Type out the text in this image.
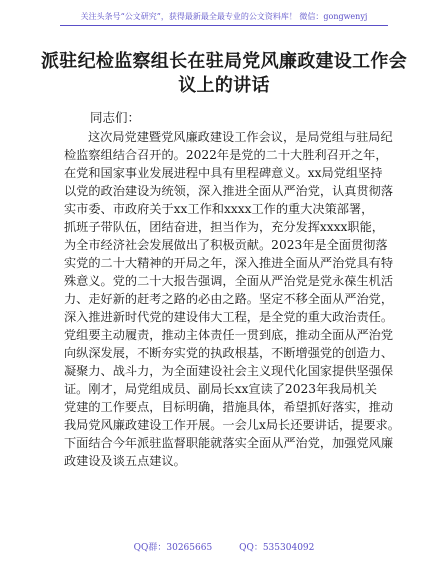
关注头条号“公文研究”，获得最新最全最专业的公文资料库！ 微信：gongwenyj
派驻纪检监察组长在驻局党风廉政建设工作会
议上的讲话
同志们：
这次局党建暨党风廉政建设工作会议，是局党组与驻局纪
检监察组结合召开的。2022年是党的二十大胜利召开之年，
在党和国家事业发展进程中具有里程碑意义。xx局党组坚持
以党的政治建设为统领，深入推进全面从严治党，认真贯彻落
实市委、市政府关于xx工作和xxxx工作的重大决策部署，
抓班子带队伍，团结奋进，担当作为，充分发挥xxxx职能，
为全市经济社会发展做出了积极贡献。2023年是全面贯彻落
实党的二十大精神的开局之年，深入推进全面从严治党具有特
殊意义。党的二十大报告强调，全面从严治党是党永葆生机活
力、走好新的赶考之路的必由之路。坚定不移全面从严治党，
深入推进新时代党的建设伟大工程，是全党的重大政治责任。
党组要主动履责，推动主体责任一贯到底，推动全面从严治党
向纵深发展，不断夯实党的执政根基，不断增强党的创造力、
凝聚力、战斗力，为全面建设社会主义现代化国家提供坚强保
证。刚才，局党组成员、副局长xx宣读了2023年我局机关
党建的工作要点，目标明确，措施具体，希望抓好落实，推动
我局党风廉政建设工作开展。一会儿x局长还要讲话，提要求。
下面结合今年派驻监督职能就落实全面从严治党，加强党风廉
政建设及谈五点建议。
QQ群：30265665	QQ：535304092
